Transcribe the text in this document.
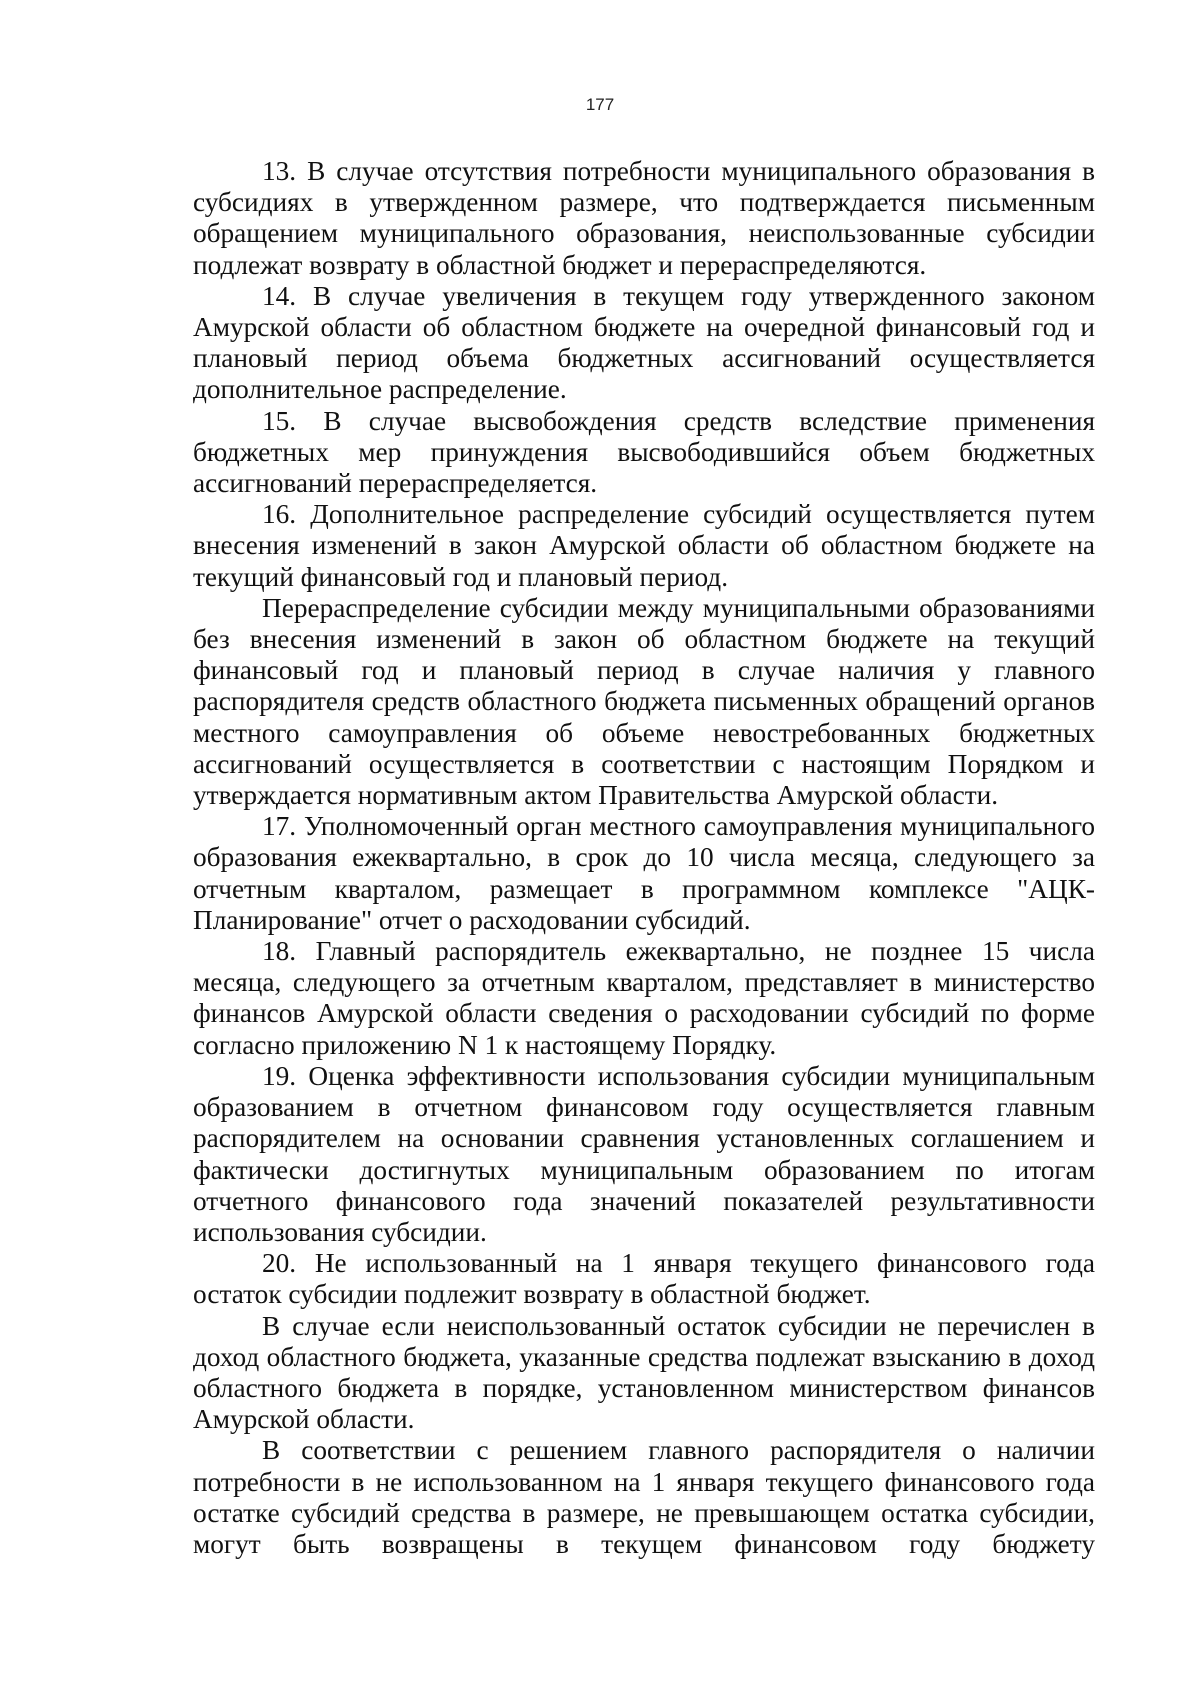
177

13. В случае отсутствия потребности муниципального образования в субсидиях в утвержденном размере, что подтверждается письменным обращением муниципального образования, неиспользованные субсидии подлежат возврату в областной бюджет и перераспределяются.

14. В случае увеличения в текущем году утвержденного законом Амурской области об областном бюджете на очередной финансовый год и плановый период объема бюджетных ассигнований осуществляется дополнительное распределение.

15. В случае высвобождения средств вследствие применения бюджетных мер принуждения высвободившийся объем бюджетных ассигнований перераспределяется.

16. Дополнительное распределение субсидий осуществляется путем внесения изменений в закон Амурской области об областном бюджете на текущий финансовый год и плановый период.

Перераспределение субсидии между муниципальными образованиями без внесения изменений в закон об областном бюджете на текущий финансовый год и плановый период в случае наличия у главного распорядителя средств областного бюджета письменных обращений органов местного самоуправления об объеме невостребованных бюджетных ассигнований осуществляется в соответствии с настоящим Порядком и утверждается нормативным актом Правительства Амурской области.

17. Уполномоченный орган местного самоуправления муниципального образования ежеквартально, в срок до 10 числа месяца, следующего за отчетным кварталом, размещает в программном комплексе "АЦК-Планирование" отчет о расходовании субсидий.

18. Главный распорядитель ежеквартально, не позднее 15 числа месяца, следующего за отчетным кварталом, представляет в министерство финансов Амурской области сведения о расходовании субсидий по форме согласно приложению N 1 к настоящему Порядку.

19. Оценка эффективности использования субсидии муниципальным образованием в отчетном финансовом году осуществляется главным распорядителем на основании сравнения установленных соглашением и фактически достигнутых муниципальным образованием по итогам отчетного финансового года значений показателей результативности использования субсидии.

20. Не использованный на 1 января текущего финансового года остаток субсидии подлежит возврату в областной бюджет.

В случае если неиспользованный остаток субсидии не перечислен в доход областного бюджета, указанные средства подлежат взысканию в доход областного бюджета в порядке, установленном министерством финансов Амурской области.

В соответствии с решением главного распорядителя о наличии потребности в не использованном на 1 января текущего финансового года остатке субсидий средства в размере, не превышающем остатка субсидии, могут быть возвращены в текущем финансовом году бюджету
